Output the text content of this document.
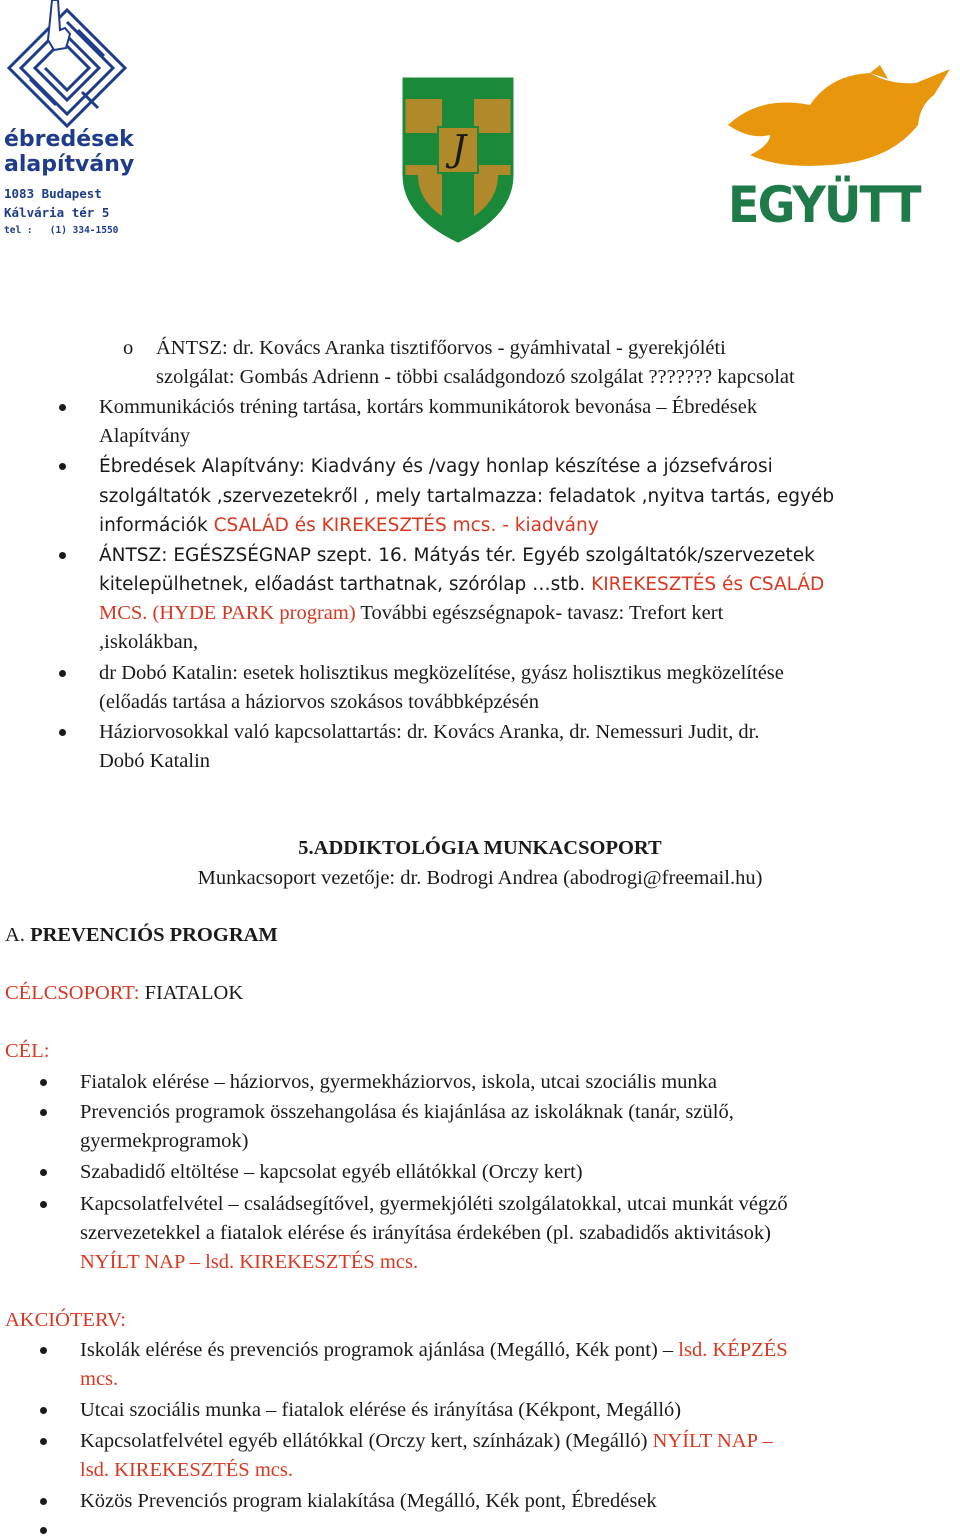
ébredések
alapítvány
1083 Budapest
Kálvária tér 5
tel :   (1) 334-1550
J
EGYÜTT
o ÁNTSZ: dr. Kovács Aranka tisztifőorvos - gyámhivatal - gyerekjóléti
szolgálat: Gombás Adrienn - többi családgondozó szolgálat ??????? kapcsolat
Kommunikációs tréning tartása, kortárs kommunikátorok bevonása – Ébredések
Alapítvány
Ébredések Alapítvány: Kiadvány és /vagy honlap készítése a józsefvárosi
szolgáltatók ,szervezetekről , mely tartalmazza: feladatok ,nyitva tartás, egyéb
információk CSALÁD és KIREKESZTÉS mcs. - kiadvány
ÁNTSZ: EGÉSZSÉGNAP szept. 16. Mátyás tér. Egyéb szolgáltatók/szervezetek
kitelepülhetnek, előadást tarthatnak, szórólap …stb. KIREKESZTÉS és CSALÁD
MCS. (HYDE PARK program) További egészségnapok- tavasz: Trefort kert
,iskolákban,
dr Dobó Katalin: esetek holisztikus megközelítése, gyász holisztikus megközelítése
(előadás tartása a háziorvos szokásos továbbképzésén
Háziorvosokkal való kapcsolattartás: dr. Kovács Aranka, dr. Nemessuri Judit, dr.
Dobó Katalin
5.ADDIKTOLÓGIA MUNKACSOPORT
Munkacsoport vezetője: dr. Bodrogi Andrea (abodrogi@freemail.hu)
A. PREVENCIÓS PROGRAM
CÉLCSOPORT: FIATALOK
CÉL:
Fiatalok elérése – háziorvos, gyermekháziorvos, iskola, utcai szociális munka
Prevenciós programok összehangolása és kiajánlása az iskoláknak (tanár, szülő,
gyermekprogramok)
Szabadidő eltöltése – kapcsolat egyéb ellátókkal (Orczy kert)
Kapcsolatfelvétel – családsegítővel, gyermekjóléti szolgálatokkal, utcai munkát végző
szervezetekkel a fiatalok elérése és irányítása érdekében (pl. szabadidős aktivitások)
NYÍLT NAP – lsd. KIREKESZTÉS mcs.
AKCIÓTERV:
Iskolák elérése és prevenciós programok ajánlása (Megálló, Kék pont) – lsd. KÉPZÉS
mcs.
Utcai szociális munka – fiatalok elérése és irányítása (Kékpont, Megálló)
Kapcsolatfelvétel egyéb ellátókkal (Orczy kert, színházak) (Megálló) NYÍLT NAP –
lsd. KIREKESZTÉS mcs.
Közös Prevenciós program kialakítása (Megálló, Kék pont, Ébredések
